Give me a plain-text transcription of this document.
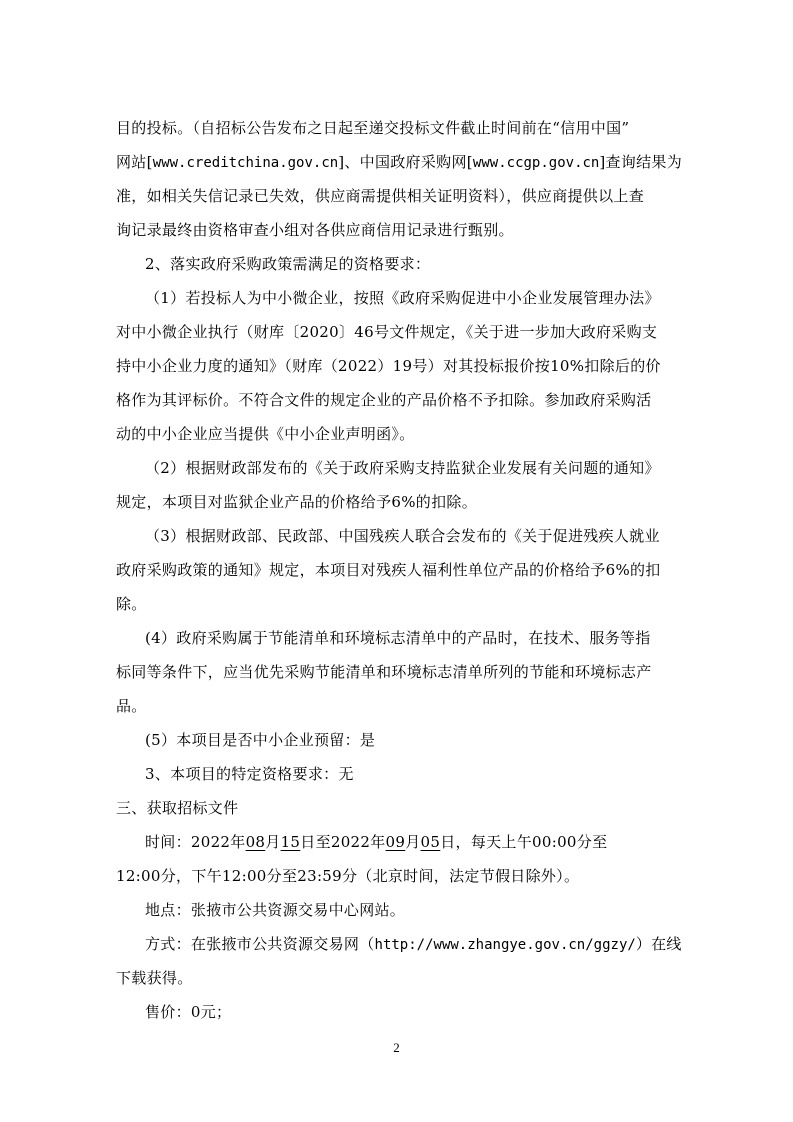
目的投标。（自招标公告发布之日起至递交投标文件截止时间前在“信用中国”
网站[www.creditchina.gov.cn]、中国政府采购网[www.ccgp.gov.cn]查询结果为
准，如相关失信记录已失效，供应商需提供相关证明资料），供应商提供以上查
询记录最终由资格审查小组对各供应商信用记录进行甄别。
2、落实政府采购政策需满足的资格要求：
（1）若投标人为中小微企业，按照《政府采购促进中小企业发展管理办法》
对中小微企业执行（财库〔2020〕46号文件规定，《关于进一步加大政府采购支
持中小企业力度的通知》（财库（2022）19号）对其投标报价按10%扣除后的价
格作为其评标价。不符合文件的规定企业的产品价格不予扣除。参加政府采购活
动的中小企业应当提供《中小企业声明函》。
（2）根据财政部发布的《关于政府采购支持监狱企业发展有关问题的通知》
规定，本项目对监狱企业产品的价格给予6%的扣除。
（3）根据财政部、民政部、中国残疾人联合会发布的《关于促进残疾人就业
政府采购政策的通知》规定，本项目对残疾人福利性单位产品的价格给予6%的扣
除。
(4）政府采购属于节能清单和环境标志清单中的产品时，在技术、服务等指
标同等条件下，应当优先采购节能清单和环境标志清单所列的节能和环境标志产
品。
(5）本项目是否中小企业预留：是
3、本项目的特定资格要求：无
三、获取招标文件
时间：2022年08月15日至2022年09月05日，每天上午00:00分至
12:00分，下午12:00分至23:59分（北京时间，法定节假日除外）。
地点：张掖市公共资源交易中心网站。
方式：在张掖市公共资源交易网（http://www.zhangye.gov.cn/ggzy/）在线
下载获得。
售价：0元；
2
